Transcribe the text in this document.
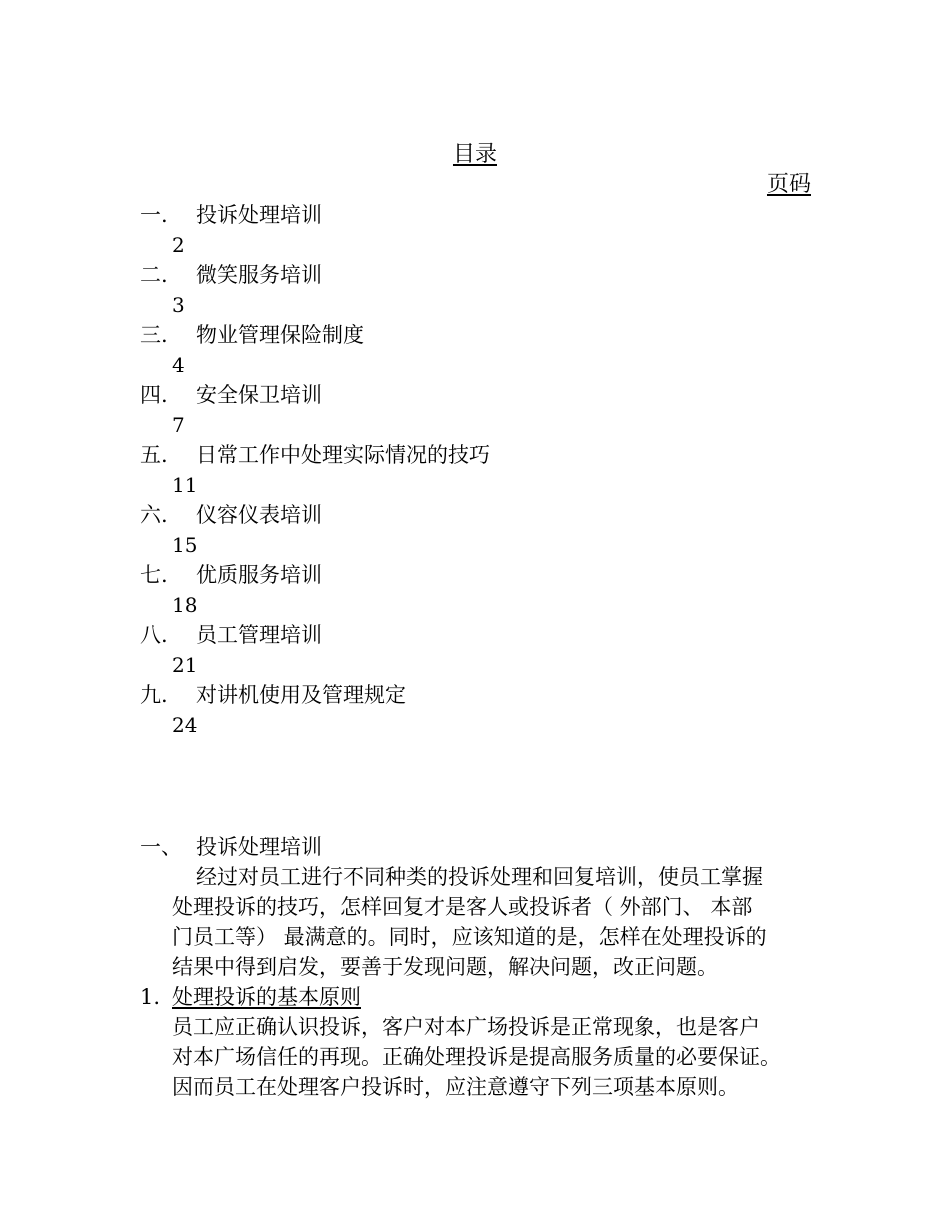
目录
页码
一. 投诉处理培训
2
二. 微笑服务培训
3
三. 物业管理保险制度
4
四. 安全保卫培训
7
五. 日常工作中处理实际情况的技巧
11
六. 仪容仪表培训
15
七. 优质服务培训
18
八. 员工管理培训
21
九. 对讲机使用及管理规定
24
一、 投诉处理培训
经过对员工进行不同种类的投诉处理和回复培训，使员工掌握
处理投诉的技巧，怎样回复才是客人或投诉者（ 外部门、 本部
门员工等） 最满意的。同时，应该知道的是，怎样在处理投诉的
结果中得到启发，要善于发现问题，解决问题，改正问题。
1. 处理投诉的基本原则
员工应正确认识投诉，客户对本广场投诉是正常现象，也是客户
对本广场信任的再现。正确处理投诉是提高服务质量的必要保证。
因而员工在处理客户投诉时，应注意遵守下列三项基本原则。
